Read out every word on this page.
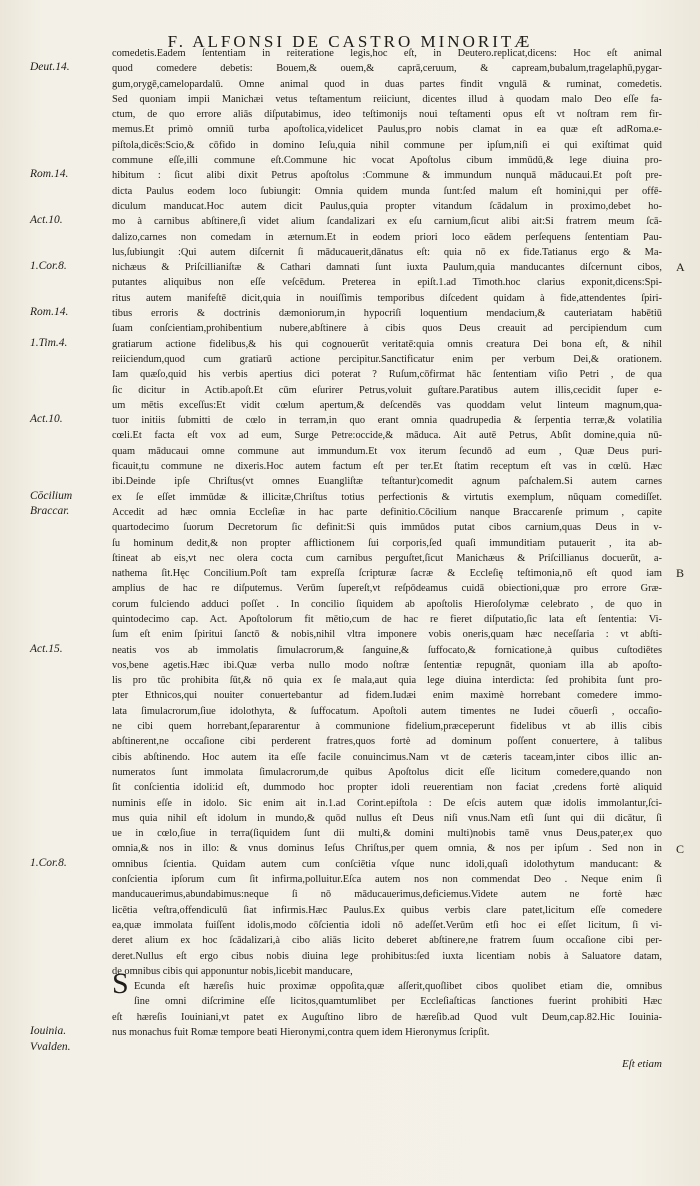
F. ALFONSI DE CASTRO MINORITÆ
Deut.14.
Rom.14.
Act.10.
1.Cor.8.
Rom.14.
1.Tim.4.
Act.10.
Cōcilium
Braccar.
Act.15.
1.Cor.8.
Iouinia.
Vvalden.
A
B
C
comedetis.Eadem ſententiam in reiteratione legis,hoc eſt, in Deutero.replicat,dicens: Hoc eſt animal
quod comedere debetis: Bouem,& ouem,& caprā,ceruum, & capream,bubalum,tragelaphū,pygar-
gum,orygē,camelopardalū. Omne animal quod in duas partes findit vngulā & ruminat, comedetis.
Sed quoniam impii Manichæi vetus teſtamentum reiiciunt, dicentes illud à quodam malo Deo eſſe fa-
ctum, de quo errore aliās diſputabimus, ideo teſtimonijs noui teſtamenti opus eſt vt noſtram rem fir-
memus.Et primò omniū turba apoſtolica,videlicet Paulus,pro nobis clamat in ea quæ eſt adRoma.e-
piſtola,dicēs:Scio,& cōfido in domino Ieſu,quia nihil commune per ipſum,niſi ei qui exiſtimat quid
commune eſſe,illi commune eſt.Commune hic vocat Apoſtolus cibum immūdū,& lege diuina pro-
hibitum : ſicut alibi dixit Petrus apoſtolus :Commune & immundum nunquā māducaui.Et poſt pre-
dicta Paulus eodem loco ſubiungit: Omnia quidem munda ſunt:ſed malum eſt homini,qui per offē-
diculum manducat.Hoc autem dicit Paulus,quia propter vitandum ſcādalum in proximo,debet ho-
mo à carnibus abſtinere,ſi videt alium ſcandalizari ex eſu carnium,ſicut alibi ait:Si fratrem meum ſcā-
dalizo,carnes non comedam in æternum.Et in eodem priori loco eādem perſequens ſententiam Pau-
lus,ſubiungit :Qui autem diſcernit ſi māducauerit,dānatus eſt: quia nō ex fide.Tatianus ergo & Ma-
nichæus & Priſcillianiſtæ & Cathari damnati ſunt iuxta Paulum,quia manducantes diſcernunt cibos,
putantes aliquibus non eſſe veſcēdum. Preterea in epiſt.1.ad Timoth.hoc clarius exponit,dicens:Spi-
ritus autem manifeſtē dicit,quia in nouiſſimis temporibus diſcedent quidam à fide,attendentes ſpiri-
tibus erroris & doctrinis dæmoniorum,in hypocriſi loquentium mendacium,& cauteriatam habētiū
ſuam conſcientiam,prohibentium nubere,abſtinere à cibis quos Deus creauit ad percipiendum cum
gratiarum actione fidelibus,& his qui cognouerūt veritatē:quia omnis creatura Dei bona eſt, & nihil
reiiciendum,quod cum gratiarū actione percipitur.Sanctificatur enim per verbum Dei,& orationem.
Iam quæſo,quid his verbis apertius dici poterat ? Ruſum,cōfirmat hāc ſententiam viſio Petri , de qua
ſic dicitur in Actib.apoſt.Et cūm eſurirer Petrus,voluit guſtare.Paratibus autem illis,cecidit ſuper e-
um mētis exceſſus:Et vidit cœlum apertum,& deſcendēs vas quoddam velut linteum magnum,qua-
tuor initiis ſubmitti de cœlo in terram,in quo erant omnia quadrupedia & ſerpentia terræ,& volatilia
cœli.Et facta eſt vox ad eum, Surge Petre:occide,& māduca. Ait autē Petrus, Abſit domine,quia nū-
quam māducaui omne commune aut immundum.Et vox iterum ſecundō ad eum , Quæ Deus puri-
ficauit,tu commune ne dixeris.Hoc autem factum eſt per ter.Et ſtatim receptum eſt vas in cœlū. Hæc
ibi.Deinde ipſe Chriſtus(vt omnes Euangliſtæ teſtantur)comedit agnum paſchalem.Si autem carnes
ex ſe eſſet immūdæ & illicitæ,Chriſtus totius perfectionis & virtutis exemplum, nūquam comediſſet.
Accedit ad hæc omnia Eccleſiæ in hac parte definitio.Cōcilium nanque Braccarenſe primum , capite
quartodecimo ſuorum Decretorum ſic definit:Si quis immūdos putat cibos carnium,quas Deus in v-
ſu hominum dedit,& non propter afflictionem ſui corporis,ſed quaſi immunditiam putauerit , ita ab-
ſtineat ab eis,vt nec olera cocta cum carnibus perguſtet,ſicut Manichæus & Priſcillianus docuerūt, a-
nathema ſit.Hęc Concilium.Poſt tam expreſſa ſcripturæ ſacræ & Eccleſię teſtimonia,nō eſt quod iam
amplius de hac re diſputemus. Verūm ſupereſt,vt reſpōdeamus cuidā obiectioni,quæ pro errore Græ-
corum fulciendo adduci poſſet . In concilio ſiquidem ab apoſtolis Hieroſolymæ celebrato , de quo in
quintodecimo cap. Act. Apoſtolorum fit mētio,cum de hac re fieret diſputatio,ſic lata eſt ſententia: Vi-
ſum eſt enim ſpiritui ſanctō & nobis,nihil vltra imponere vobis oneris,quam hæc neceſſaria : vt abſti-
neatis vos ab immolatis ſimulacrorum,& ſanguine,& ſuffocato,& fornicatione,à quibus cuſtodiētes
vos,bene agetis.Hæc ibi.Quæ verba nullo modo noſtræ ſententiæ repugnāt, quoniam illa ab apoſto-
lis pro tūc prohibita ſūt,& nō quia ex ſe mala,aut quia lege diuina interdicta: ſed prohibita ſunt pro-
pter Ethnicos,qui nouiter conuertebantur ad fidem.Iudæi enim maximè horrebant comedere immo-
lata ſimulacrorum,ſiue idolothyta, & ſuffocatum. Apoſtoli autem timentes ne Iudei cōuerſi , occaſio-
ne cibi quem horrebant,ſepararentur à communione fidelium,præceperunt fidelibus vt ab illis cibis
abſtinerent,ne occaſione cibi perderent fratres,quos fortè ad dominum poſſent conuertere, à talibus
cibis abſtinendo. Hoc autem ita eſſe facile conuincimus.Nam vt de cæteris taceam,inter cibos illic an-
numeratos ſunt immolata ſimulacrorum,de quibus Apoſtolus dicit eſſe licitum comedere,quando non
ſit conſcientia idoli:id eſt, dummodo hoc propter idoli reuerentiam non faciat ,credens fortè aliquid
numinis eſſe in idolo. Sic enim ait in.1.ad Corint.epiſtola : De eſcis autem quæ idolis immolantur,ſci-
mus quia nihil eſt idolum in mundo,& quōd nullus eſt Deus niſi vnus.Nam etſi ſunt qui dii dicātur, ſi
ue in cœlo,ſiue in terra(ſiquidem ſunt dii multi,& domini multi)nobis tamē vnus Deus,pater,ex quo
omnia,& nos in illo: & vnus dominus Ieſus Chriſtus,per quem omnia, & nos per ipſum . Sed non in
omnibus ſcientia. Quidam autem cum conſciētia vſque nunc idoli,quaſi idolothytum manducant: &
conſcientia ipſorum cum ſit infirma,polluitur.Eſca autem nos non commendat Deo . Neque enim ſi
manducauerimus,abundabimus:neque ſi nō māducauerimus,deficiemus.Videte autem ne fortè hæc
licētia veſtra,offendiculū ſiat infirmis.Hæc Paulus.Ex quibus verbis clare patet,licitum eſſe comedere
ea,quæ immolata fuiſſent idolis,modo cōſcientia idoli nō adeſſet.Verūm etſi hoc ei eſſet licitum, ſi vi-
deret alium ex hoc ſcādalizari,à cibo aliās licito deberet abſtinere,ne fratrem ſuum occaſione cibi per-
deret.Nullus eſt ergo cibus nobis diuina lege prohibitus:ſed iuxta licentiam nobis à Saluatore datam,
de omnibus cibis qui apponuntur nobis,licebit manducare,
Ecunda eſt hæreſis huic proximæ oppoſita,quæ aſſerit,quoſlibet cibos quolibet etiam die, omnibus
ſine omni diſcrimine eſſe licitos,quamtumlibet per Eccleſiaſticas ſanctiones fuerint prohibiti Hæc
eſt hæreſis Iouiniani,vt patet ex Auguſtino libro de hæreſib.ad Quod vult Deum,cap.82.Hic Iouinia-
nus monachus fuit Romæ tempore beati Hieronymi,contra quem idem Hieronymus ſcripſit.
S
Eſt etiam
